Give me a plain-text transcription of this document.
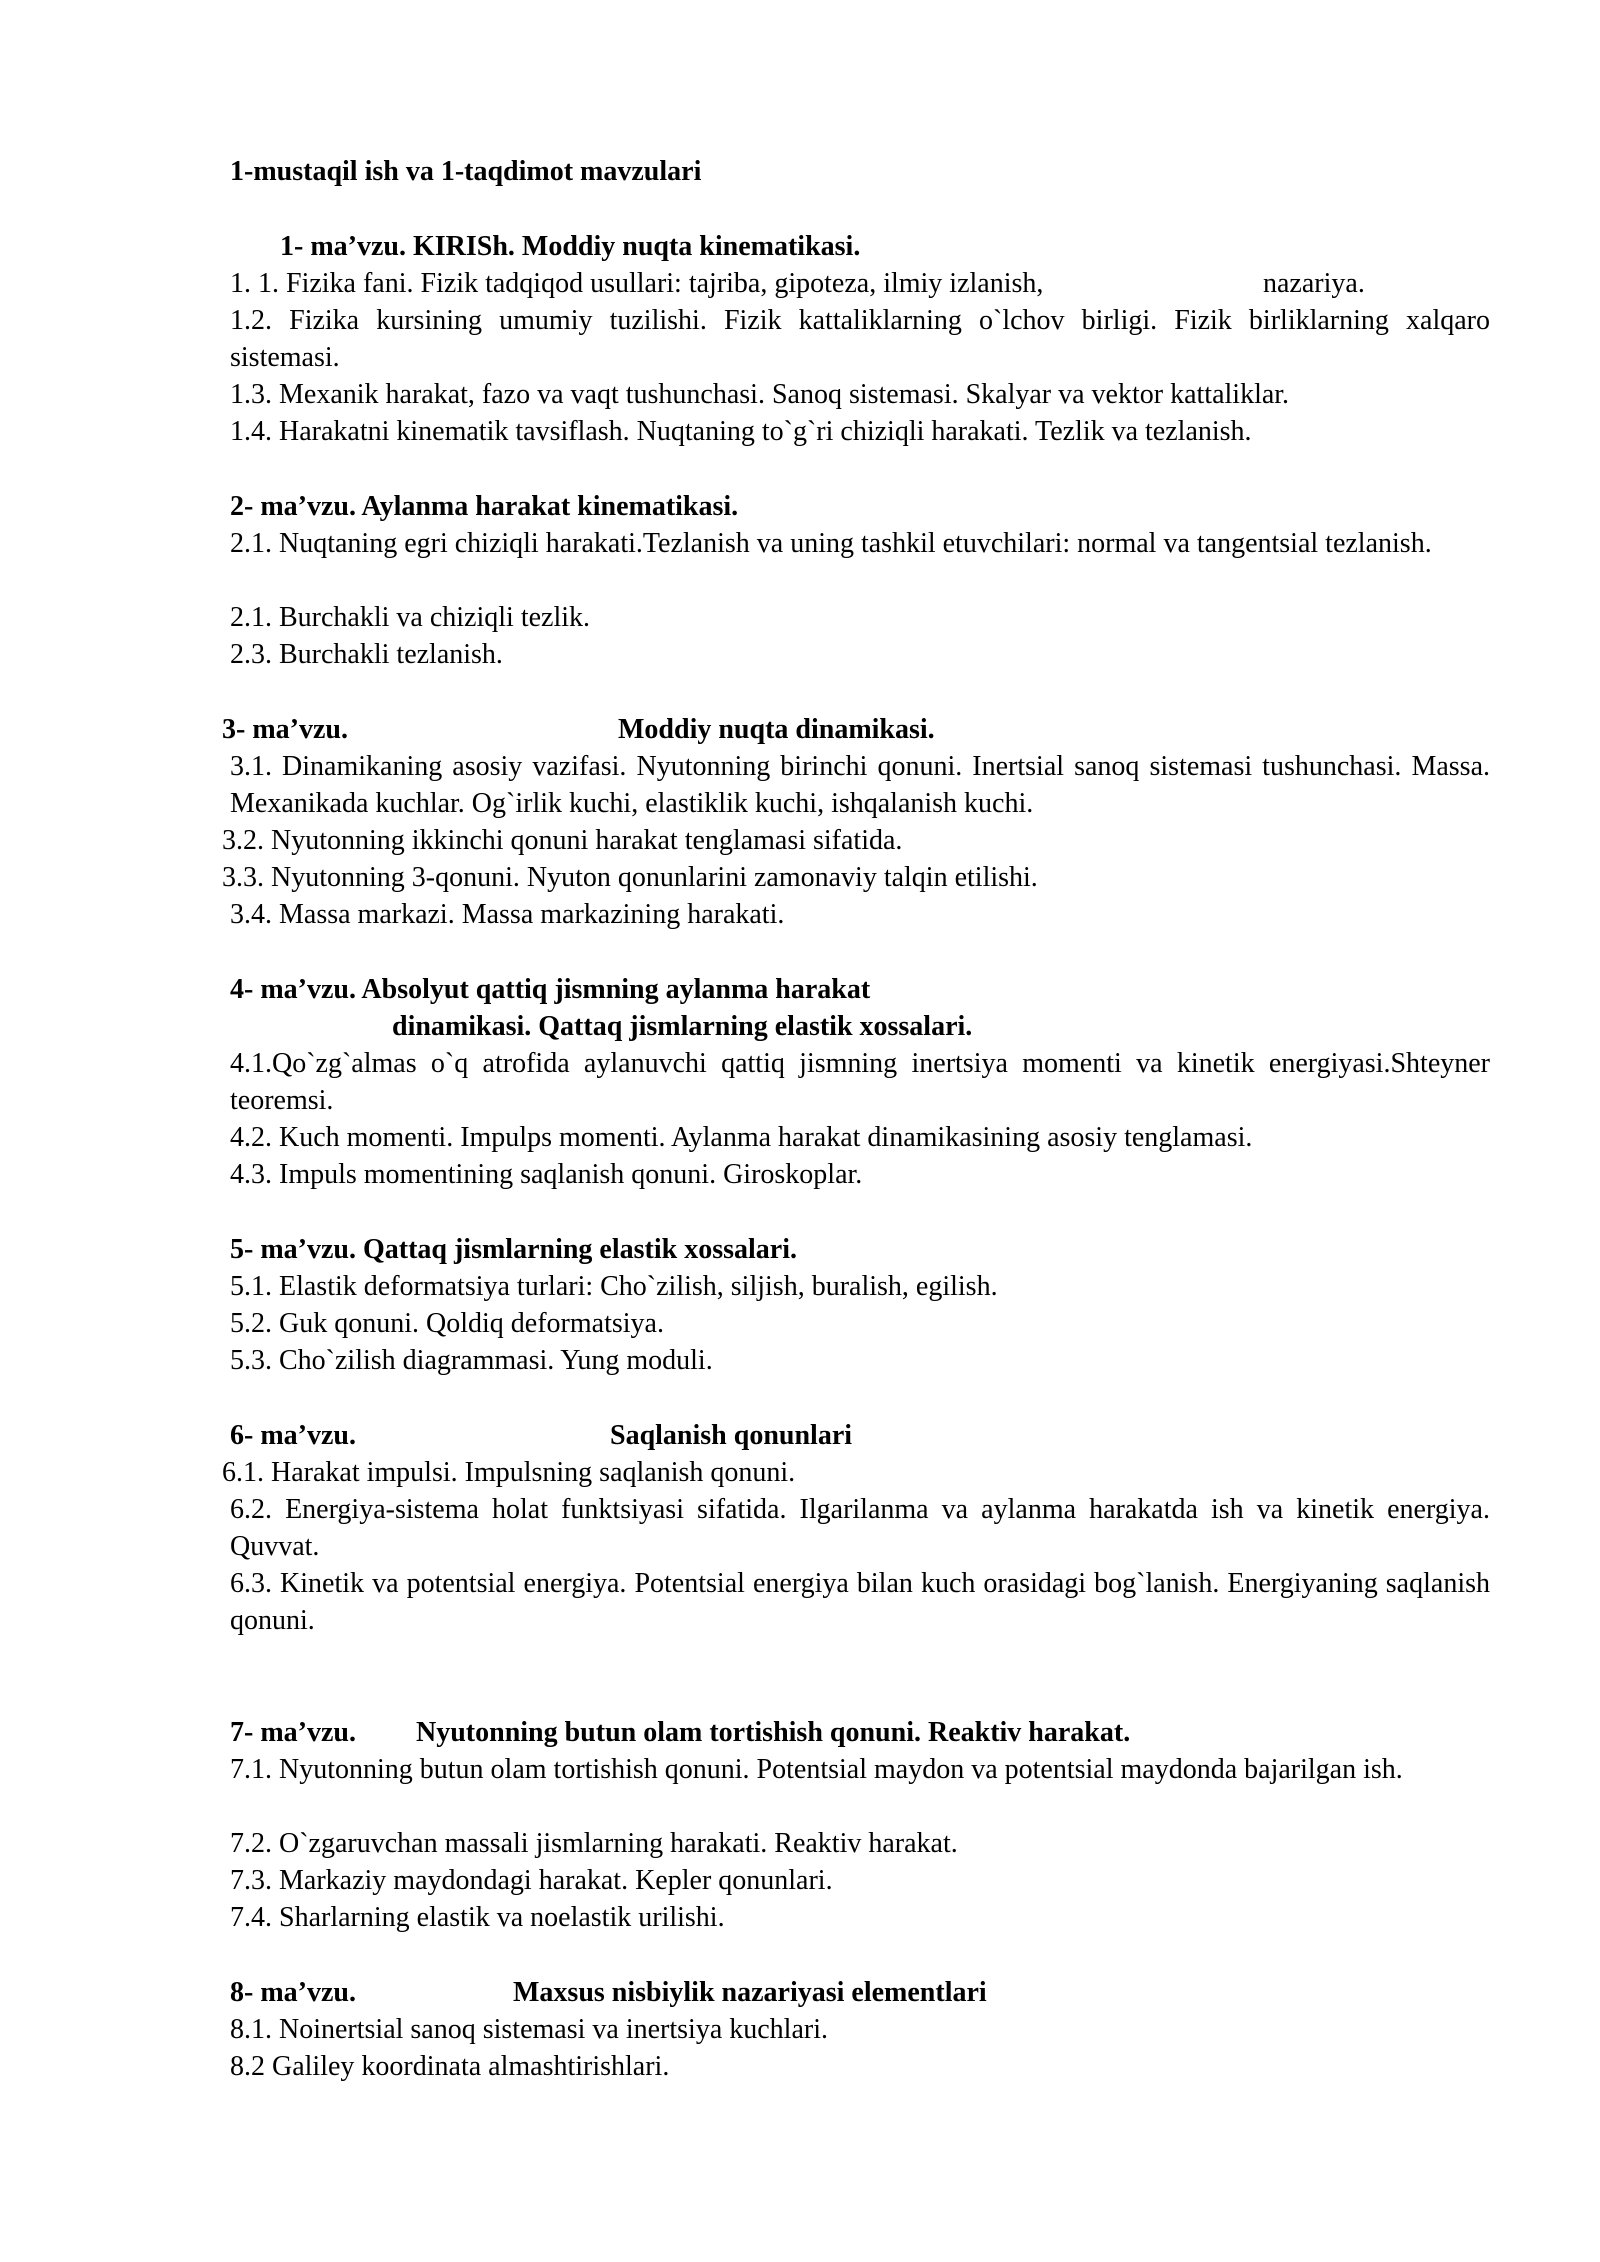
1-mustaqil ish va 1-taqdimot mavzulari
1- ma’vzu. KIRISh. Moddiy nuqta kinematikasi.
1. 1. Fizika fani. Fizik tadqiqod usullari: tajriba, gipoteza, ilmiy izlanish,	nazariya.
1.2. Fizika kursining umumiy tuzilishi. Fizik kattaliklarning o`lchov birligi. Fizik birliklarning xalqaro sistemasi.
1.3. Mexanik harakat, fazo va vaqt tushunchasi. Sanoq sistemasi. Skalyar va vektor kattaliklar.
1.4. Harakatni kinematik tavsiflash. Nuqtaning to`g`ri chiziqli harakati. Tezlik va tezlanish.
2- ma’vzu. Aylanma harakat kinematikasi.
2.1. Nuqtaning egri chiziqli harakati.Tezlanish va uning tashkil etuvchilari: normal va tangentsial tezlanish.
2.1. Burchakli va chiziqli tezlik.
2.3. Burchakli tezlanish.
3- ma’vzu.	Moddiy nuqta dinamikasi.
3.1. Dinamikaning asosiy vazifasi. Nyutonning birinchi qonuni. Inertsial sanoq sistemasi tushunchasi. Massa. Mexanikada kuchlar. Og`irlik kuchi, elastiklik kuchi, ishqalanish kuchi.
3.2. Nyutonning ikkinchi qonuni harakat tenglamasi sifatida.
3.3. Nyutonning 3-qonuni. Nyuton qonunlarini zamonaviy talqin etilishi.
3.4. Massa markazi. Massa markazining harakati.
4- ma’vzu. Absolyut qattiq jismning aylanma harakat
dinamikasi. Qattaq jismlarning elastik xossalari.
4.1.Qo`zg`almas o`q atrofida aylanuvchi qattiq jismning inertsiya momenti va kinetik energiyasi.Shteyner teoremsi.
4.2. Kuch momenti. Impulps momenti. Aylanma harakat dinamikasining asosiy tenglamasi.
4.3. Impuls momentining saqlanish qonuni. Giroskoplar.
5- ma’vzu. Qattaq jismlarning elastik xossalari.
5.1. Elastik deformatsiya turlari: Cho`zilish, siljish, buralish, egilish.
5.2. Guk qonuni. Qoldiq deformatsiya.
5.3. Cho`zilish diagrammasi. Yung moduli.
6- ma’vzu.	Saqlanish qonunlari
6.1. Harakat impulsi. Impulsning saqlanish qonuni.
6.2. Energiya-sistema holat funktsiyasi sifatida. Ilgarilanma va aylanma harakatda ish va kinetik energiya. Quvvat.
6.3. Kinetik va potentsial energiya. Potentsial energiya bilan kuch orasidagi bog`lanish. Energiyaning saqlanish qonuni.
7- ma’vzu. Nyutonning butun olam tortishish qonuni. Reaktiv harakat.
7.1. Nyutonning butun olam tortishish qonuni. Potentsial maydon va potentsial maydonda bajarilgan ish.
7.2. O`zgaruvchan massali jismlarning harakati. Reaktiv harakat.
7.3. Markaziy maydondagi harakat. Kepler qonunlari.
7.4. Sharlarning elastik va noelastik urilishi.
8- ma’vzu.	Maxsus nisbiylik nazariyasi elementlari
8.1. Noinertsial sanoq sistemasi va inertsiya kuchlari.
8.2 Galiley koordinata almashtirishlari.
